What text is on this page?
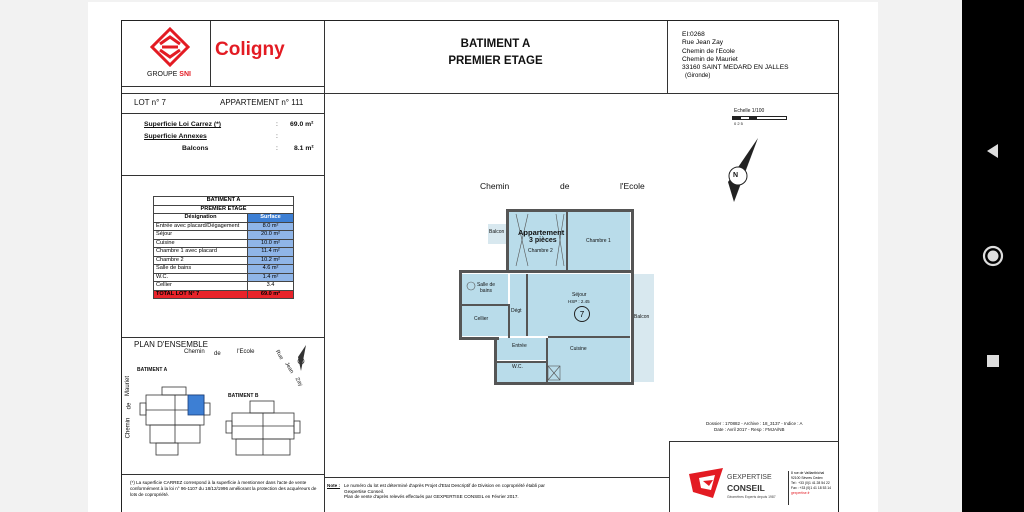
GROUPE SNI
Coligny	BATIMENT A
PREMIER ETAGE
EI:0268
Rue Jean Zay
Chemin de l'Ecole
Chemin de Mauriet
33160 SAINT MEDARD EN JALLES
(Gironde)
LOT n° 7	APPARTEMENT n° 111
Superficie Loi Carrez (*)	: 69.0 m²
Superficie Annexes	:
Balcons	: 8.1 m²
BATIMENT A	
PREMIER ETAGE	
Désignation	Surface
Entrée avec placard/Dégagement	8.0 m²
Séjour	20.0 m²
Cuisine	10.0 m²
Chambre 1 avec placard	11.4 m²
Chambre 2	10.2 m²
Salle de bains	4.6 m²
W.C.	1.4 m²
Cellier	3.4
TOTAL LOT N° 7	69.0 m²
PLAN D'ENSEMBLE
Chemin de	l'Ecole	Rue
Jean
Zay
Chemin
de
Mauriet
BATIMENT A
BATIMENT B
(*) La superficie CARREZ correspond à la superficie à mentionner dans l'acte de vente conformément à la loi n° 96-1107 du 18/12/1996 améliorant la protection des acquéreurs de lots de copropriété.
Echelle 1/100
0 2 5
N
Chemin	de	l'Ecole
Balcon Appartement
3 pièces
Chambre 2
Chambre 1
Salle de bains
Séjour
HSP : 2.45
7	Balcon
Cellier
Dégt
Entrée	Cuisine
W.C.
Note : Le numéro du lot est déterminé d'après Projet d'Etat Descriptif de Division en copropriété établi par Gexpertise Conseil.
Plan de vente d'après relevés effectués par GEXPERTISE CONSEIL en Février 2017.
Dossier : 170882 - Archive : 18_3137 - Indice : A
Date : Avril 2017 - Resp : FMJA/NB
GEXPERTISE
CONSEIL
Géomètres Experts depuis 1987
8 rue de Vaillantbichal
92100 Sèvres Cedex
Tel : +33 (0)1 41 28 54 22
Fax : +33 (0)1 41 18 53 14
gexpertise.fr
